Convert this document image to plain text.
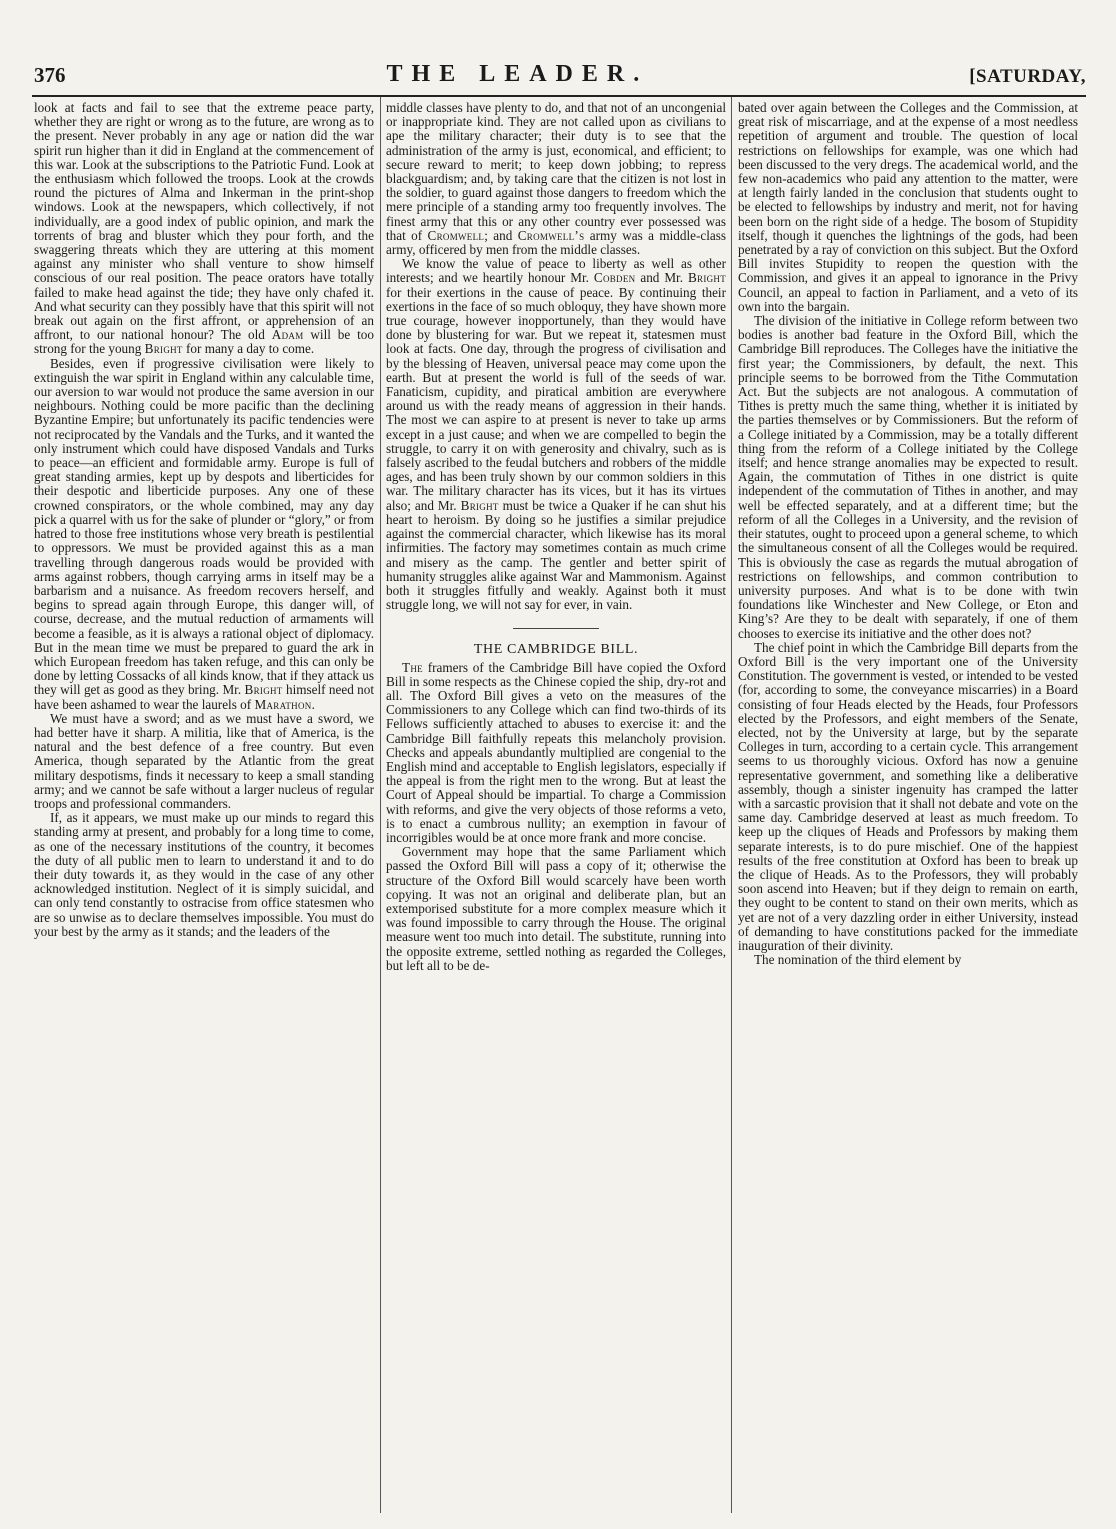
376	THE LEADER.	[SATURDAY,

look at facts and fail to see that the extreme peace party, whether they are right or wrong as to the future, are wrong as to the present. Never probably in any age or nation did the war spirit run higher than it did in England at the commencement of this war. Look at the subscriptions to the Patriotic Fund. Look at the enthusiasm which followed the troops. Look at the crowds round the pictures of Alma and Inkerman in the print-shop windows. Look at the newspapers, which collectively, if not individually, are a good index of public opinion, and mark the torrents of brag and bluster which they pour forth, and the swaggering threats which they are uttering at this moment against any minister who shall venture to show himself conscious of our real position. The peace orators have totally failed to make head against the tide; they have only chafed it. And what security can they possibly have that this spirit will not break out again on the first affront, or apprehension of an affront, to our national honour? The old Adam will be too strong for the young Bright for many a day to come.

Besides, even if progressive civilisation were likely to extinguish the war spirit in England within any calculable time, our aversion to war would not produce the same aversion in our neighbours. Nothing could be more pacific than the declining Byzantine Empire; but unfortunately its pacific tendencies were not reciprocated by the Vandals and the Turks, and it wanted the only instrument which could have disposed Vandals and Turks to peace—an efficient and formidable army. Europe is full of great standing armies, kept up by despots and liberticides for their despotic and liberticide purposes. Any one of these crowned conspirators, or the whole combined, may any day pick a quarrel with us for the sake of plunder or “glory,” or from hatred to those free institutions whose very breath is pestilential to oppressors. We must be provided against this as a man travelling through dangerous roads would be provided with arms against robbers, though carrying arms in itself may be a barbarism and a nuisance. As freedom recovers herself, and begins to spread again through Europe, this danger will, of course, decrease, and the mutual reduction of armaments will become a feasible, as it is always a rational object of diplomacy. But in the mean time we must be prepared to guard the ark in which European freedom has taken refuge, and this can only be done by letting Cossacks of all kinds know, that if they attack us they will get as good as they bring. Mr. Bright himself need not have been ashamed to wear the laurels of Marathon.

We must have a sword; and as we must have a sword, we had better have it sharp. A militia, like that of America, is the natural and the best defence of a free country. But even America, though separated by the Atlantic from the great military despotisms, finds it necessary to keep a small standing army; and we cannot be safe without a larger nucleus of regular troops and professional commanders.

If, as it appears, we must make up our minds to regard this standing army at present, and probably for a long time to come, as one of the necessary institutions of the country, it becomes the duty of all public men to learn to understand it and to do their duty towards it, as they would in the case of any other acknowledged institution. Neglect of it is simply suicidal, and can only tend constantly to ostracise from office statesmen who are so unwise as to declare themselves impossible. You must do your best by the army as it stands; and the leaders of the

middle classes have plenty to do, and that not of an uncongenial or inappropriate kind. They are not called upon as civilians to ape the military character; their duty is to see that the administration of the army is just, economical, and efficient; to secure reward to merit; to keep down jobbing; to repress blackguardism; and, by taking care that the citizen is not lost in the soldier, to guard against those dangers to freedom which the mere principle of a standing army too frequently involves. The finest army that this or any other country ever possessed was that of Cromwell; and Cromwell’s army was a middle-class army, officered by men from the middle classes.

We know the value of peace to liberty as well as other interests; and we heartily honour Mr. Cobden and Mr. Bright for their exertions in the cause of peace. By continuing their exertions in the face of so much obloquy, they have shown more true courage, however inopportunely, than they would have done by blustering for war. But we repeat it, statesmen must look at facts. One day, through the progress of civilisation and by the blessing of Heaven, universal peace may come upon the earth. But at present the world is full of the seeds of war. Fanaticism, cupidity, and piratical ambition are everywhere around us with the ready means of aggression in their hands. The most we can aspire to at present is never to take up arms except in a just cause; and when we are compelled to begin the struggle, to carry it on with generosity and chivalry, such as is falsely ascribed to the feudal butchers and robbers of the middle ages, and has been truly shown by our common soldiers in this war. The military character has its vices, but it has its virtues also; and Mr. Bright must be twice a Quaker if he can shut his heart to heroism. By doing so he justifies a similar prejudice against the commercial character, which likewise has its moral infirmities. The factory may sometimes contain as much crime and misery as the camp. The gentler and better spirit of humanity struggles alike against War and Mammonism. Against both it struggles fitfully and weakly. Against both it must struggle long, we will not say for ever, in vain.

THE CAMBRIDGE BILL.

The framers of the Cambridge Bill have copied the Oxford Bill in some respects as the Chinese copied the ship, dry-rot and all. The Oxford Bill gives a veto on the measures of the Commissioners to any College which can find two-thirds of its Fellows sufficiently attached to abuses to exercise it: and the Cambridge Bill faithfully repeats this melancholy provision. Checks and appeals abundantly multiplied are congenial to the English mind and acceptable to English legislators, especially if the appeal is from the right men to the wrong. But at least the Court of Appeal should be impartial. To charge a Commission with reforms, and give the very objects of those reforms a veto, is to enact a cumbrous nullity; an exemption in favour of incorrigibles would be at once more frank and more concise.

Government may hope that the same Parliament which passed the Oxford Bill will pass a copy of it; otherwise the structure of the Oxford Bill would scarcely have been worth copying. It was not an original and deliberate plan, but an extemporised substitute for a more complex measure which it was found impossible to carry through the House. The original measure went too much into detail. The substitute, running into the opposite extreme, settled nothing as regarded the Colleges, but left all to be de-

bated over again between the Colleges and the Commission, at great risk of miscarriage, and at the expense of a most needless repetition of argument and trouble. The question of local restrictions on fellowships for example, was one which had been discussed to the very dregs. The academical world, and the few non-academics who paid any attention to the matter, were at length fairly landed in the conclusion that students ought to be elected to fellowships by industry and merit, not for having been born on the right side of a hedge. The bosom of Stupidity itself, though it quenches the lightnings of the gods, had been penetrated by a ray of conviction on this subject. But the Oxford Bill invites Stupidity to reopen the question with the Commission, and gives it an appeal to ignorance in the Privy Council, an appeal to faction in Parliament, and a veto of its own into the bargain.

The division of the initiative in College reform between two bodies is another bad feature in the Oxford Bill, which the Cambridge Bill reproduces. The Colleges have the initiative the first year; the Commissioners, by default, the next. This principle seems to be borrowed from the Tithe Commutation Act. But the subjects are not analogous. A commutation of Tithes is pretty much the same thing, whether it is initiated by the parties themselves or by Commissioners. But the reform of a College initiated by a Commission, may be a totally different thing from the reform of a College initiated by the College itself; and hence strange anomalies may be expected to result. Again, the commutation of Tithes in one district is quite independent of the commutation of Tithes in another, and may well be effected separately, and at a different time; but the reform of all the Colleges in a University, and the revision of their statutes, ought to proceed upon a general scheme, to which the simultaneous consent of all the Colleges would be required. This is obviously the case as regards the mutual abrogation of restrictions on fellowships, and common contribution to university purposes. And what is to be done with twin foundations like Winchester and New College, or Eton and King’s? Are they to be dealt with separately, if one of them chooses to exercise its initiative and the other does not?

The chief point in which the Cambridge Bill departs from the Oxford Bill is the very important one of the University Constitution. The government is vested, or intended to be vested (for, according to some, the conveyance miscarries) in a Board consisting of four Heads elected by the Heads, four Professors elected by the Professors, and eight members of the Senate, elected, not by the University at large, but by the separate Colleges in turn, according to a certain cycle. This arrangement seems to us thoroughly vicious. Oxford has now a genuine representative government, and something like a deliberative assembly, though a sinister ingenuity has cramped the latter with a sarcastic provision that it shall not debate and vote on the same day. Cambridge deserved at least as much freedom. To keep up the cliques of Heads and Professors by making them separate interests, is to do pure mischief. One of the happiest results of the free constitution at Oxford has been to break up the clique of Heads. As to the Professors, they will probably soon ascend into Heaven; but if they deign to remain on earth, they ought to be content to stand on their own merits, which as yet are not of a very dazzling order in either University, instead of demanding to have constitutions packed for the immediate inauguration of their divinity.

The nomination of the third element by
